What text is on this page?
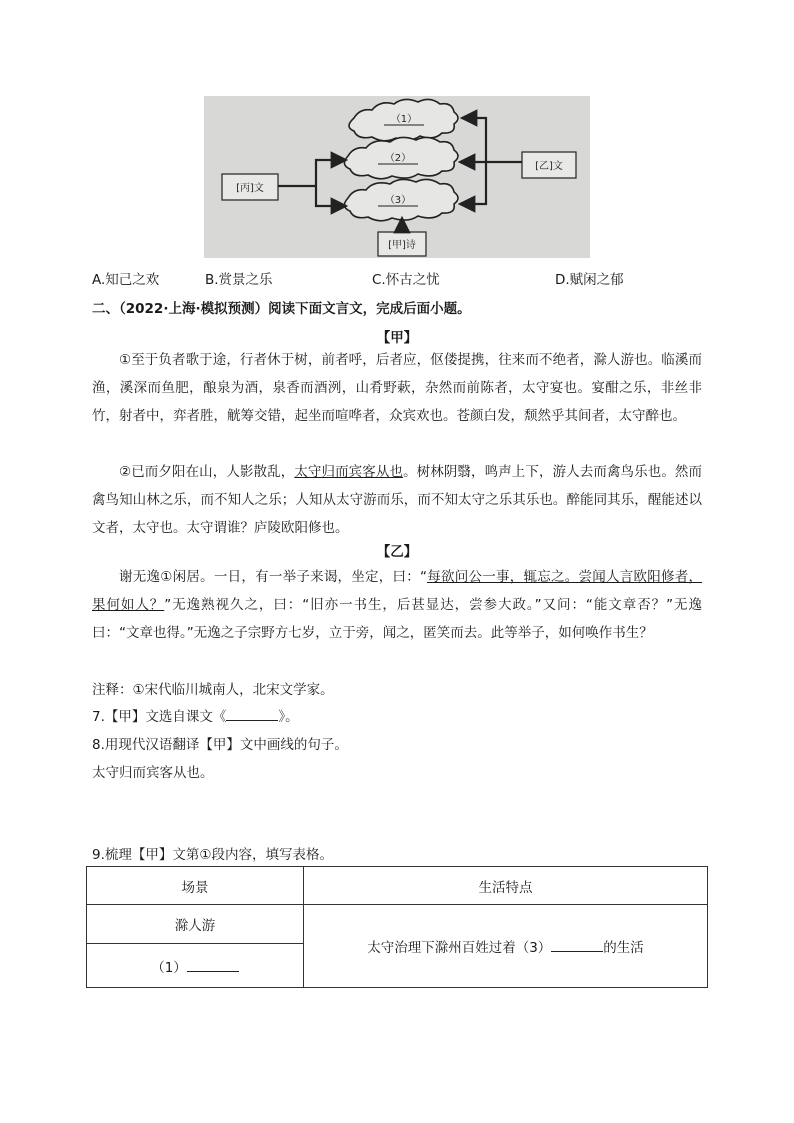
（1）
（2）
（3）
[乙]文
[丙]文
[甲]诗
A.知己之欢	B.赏景之乐	C.怀古之忧	D.赋闲之郁
二、（2022·上海·模拟预测）阅读下面文言文，完成后面小题。
【甲】
①至于负者歌于途，行者休于树，前者呼，后者应，伛偻提携，往来而不绝者，滁人游也。临溪而渔，溪深而鱼肥，酿泉为酒，泉香而酒洌，山肴野蔌，杂然而前陈者，太守宴也。宴酣之乐，非丝非竹，射者中，弈者胜，觥筹交错，起坐而喧哗者，众宾欢也。苍颜白发，颓然乎其间者，太守醉也。
②已而夕阳在山，人影散乱，太守归而宾客从也。树林阴翳，鸣声上下，游人去而禽鸟乐也。然而禽鸟知山林之乐，而不知人之乐；人知从太守游而乐，而不知太守之乐其乐也。醉能同其乐，醒能述以文者，太守也。太守谓谁？庐陵欧阳修也。
【乙】
谢无逸①闲居。一日，有一举子来谒，坐定，曰：“每欲问公一事，辄忘之。尝闻人言欧阳修者，果何如人？”无逸熟视久之，曰：“旧亦一书生，后甚显达，尝参大政。”又问：“能文章否？”无逸曰：“文章也得。”无逸之子宗野方七岁，立于旁，闻之，匿笑而去。此等举子，如何唤作书生？
注释：①宋代临川城南人，北宋文学家。
7.【甲】文选自课文《	》。
8.用现代汉语翻译【甲】文中画线的句子。
太守归而宾客从也。
9.梳理【甲】文第①段内容，填写表格。
场景	生活特点
滁人游	太守治理下滁州百姓过着（3） 的生活
（1）	
